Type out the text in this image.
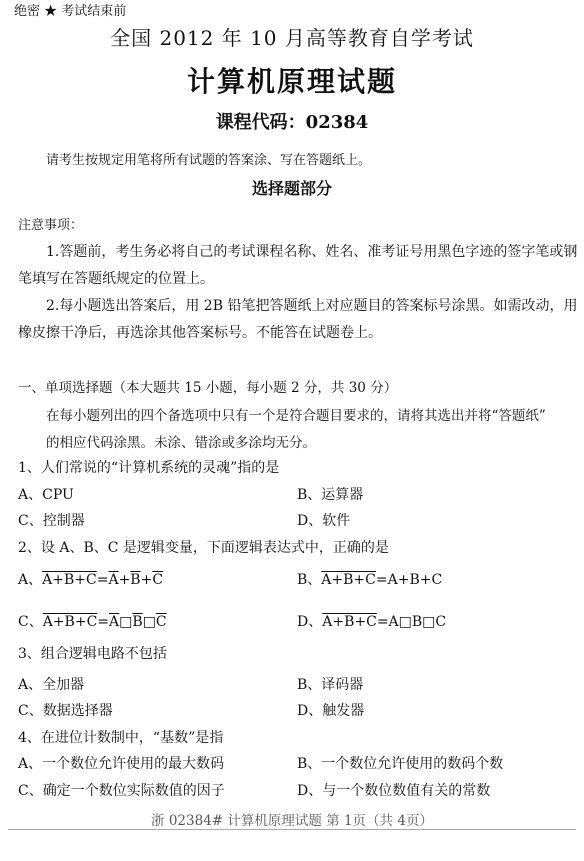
绝密 ★ 考试结束前
全国 2012 年 10 月高等教育自学考试
计算机原理试题
课程代码：02384
请考生按规定用笔将所有试题的答案涂、写在答题纸上。
选择题部分
注意事项：
1.答题前，考生务必将自己的考试课程名称、姓名、准考证号用黑色字迹的签字笔或钢
笔填写在答题纸规定的位置上。
2.每小题选出答案后，用 2B 铅笔把答题纸上对应题目的答案标号涂黑。如需改动，用
橡皮擦干净后，再选涂其他答案标号。不能答在试题卷上。
一、单项选择题（本大题共 15 小题，每小题 2 分，共 30 分）
在每小题列出的四个备选项中只有一个是符合题目要求的，请将其选出并将“答题纸”
的相应代码涂黑。未涂、错涂或多涂均无分。
1、人们常说的“计算机系统的灵魂”指的是
A、CPU	B、运算器
C、控制器	D、软件
2、设 A、B、C 是逻辑变量，下面逻辑表达式中，正确的是
A、$A+B+C=\overline{A}+\overline{B}+\overline{C}$	B、A+B+C=A+B+C
C、$A+B+C=\overline{A}□\overline{B}□\overline{C}$	D、A+B+C=A□B□C
3、组合逻辑电路不包括
A、全加器	B、译码器
C、数据选择器	D、触发器
4、在进位计数制中，“基数”是指
A、一个数位允许使用的最大数码	B、一个数位允许使用的数码个数
C、确定一个数位实际数值的因子	D、与一个数位数值有关的常数
浙 02384# 计算机原理试题 第 1页（共 4页）
